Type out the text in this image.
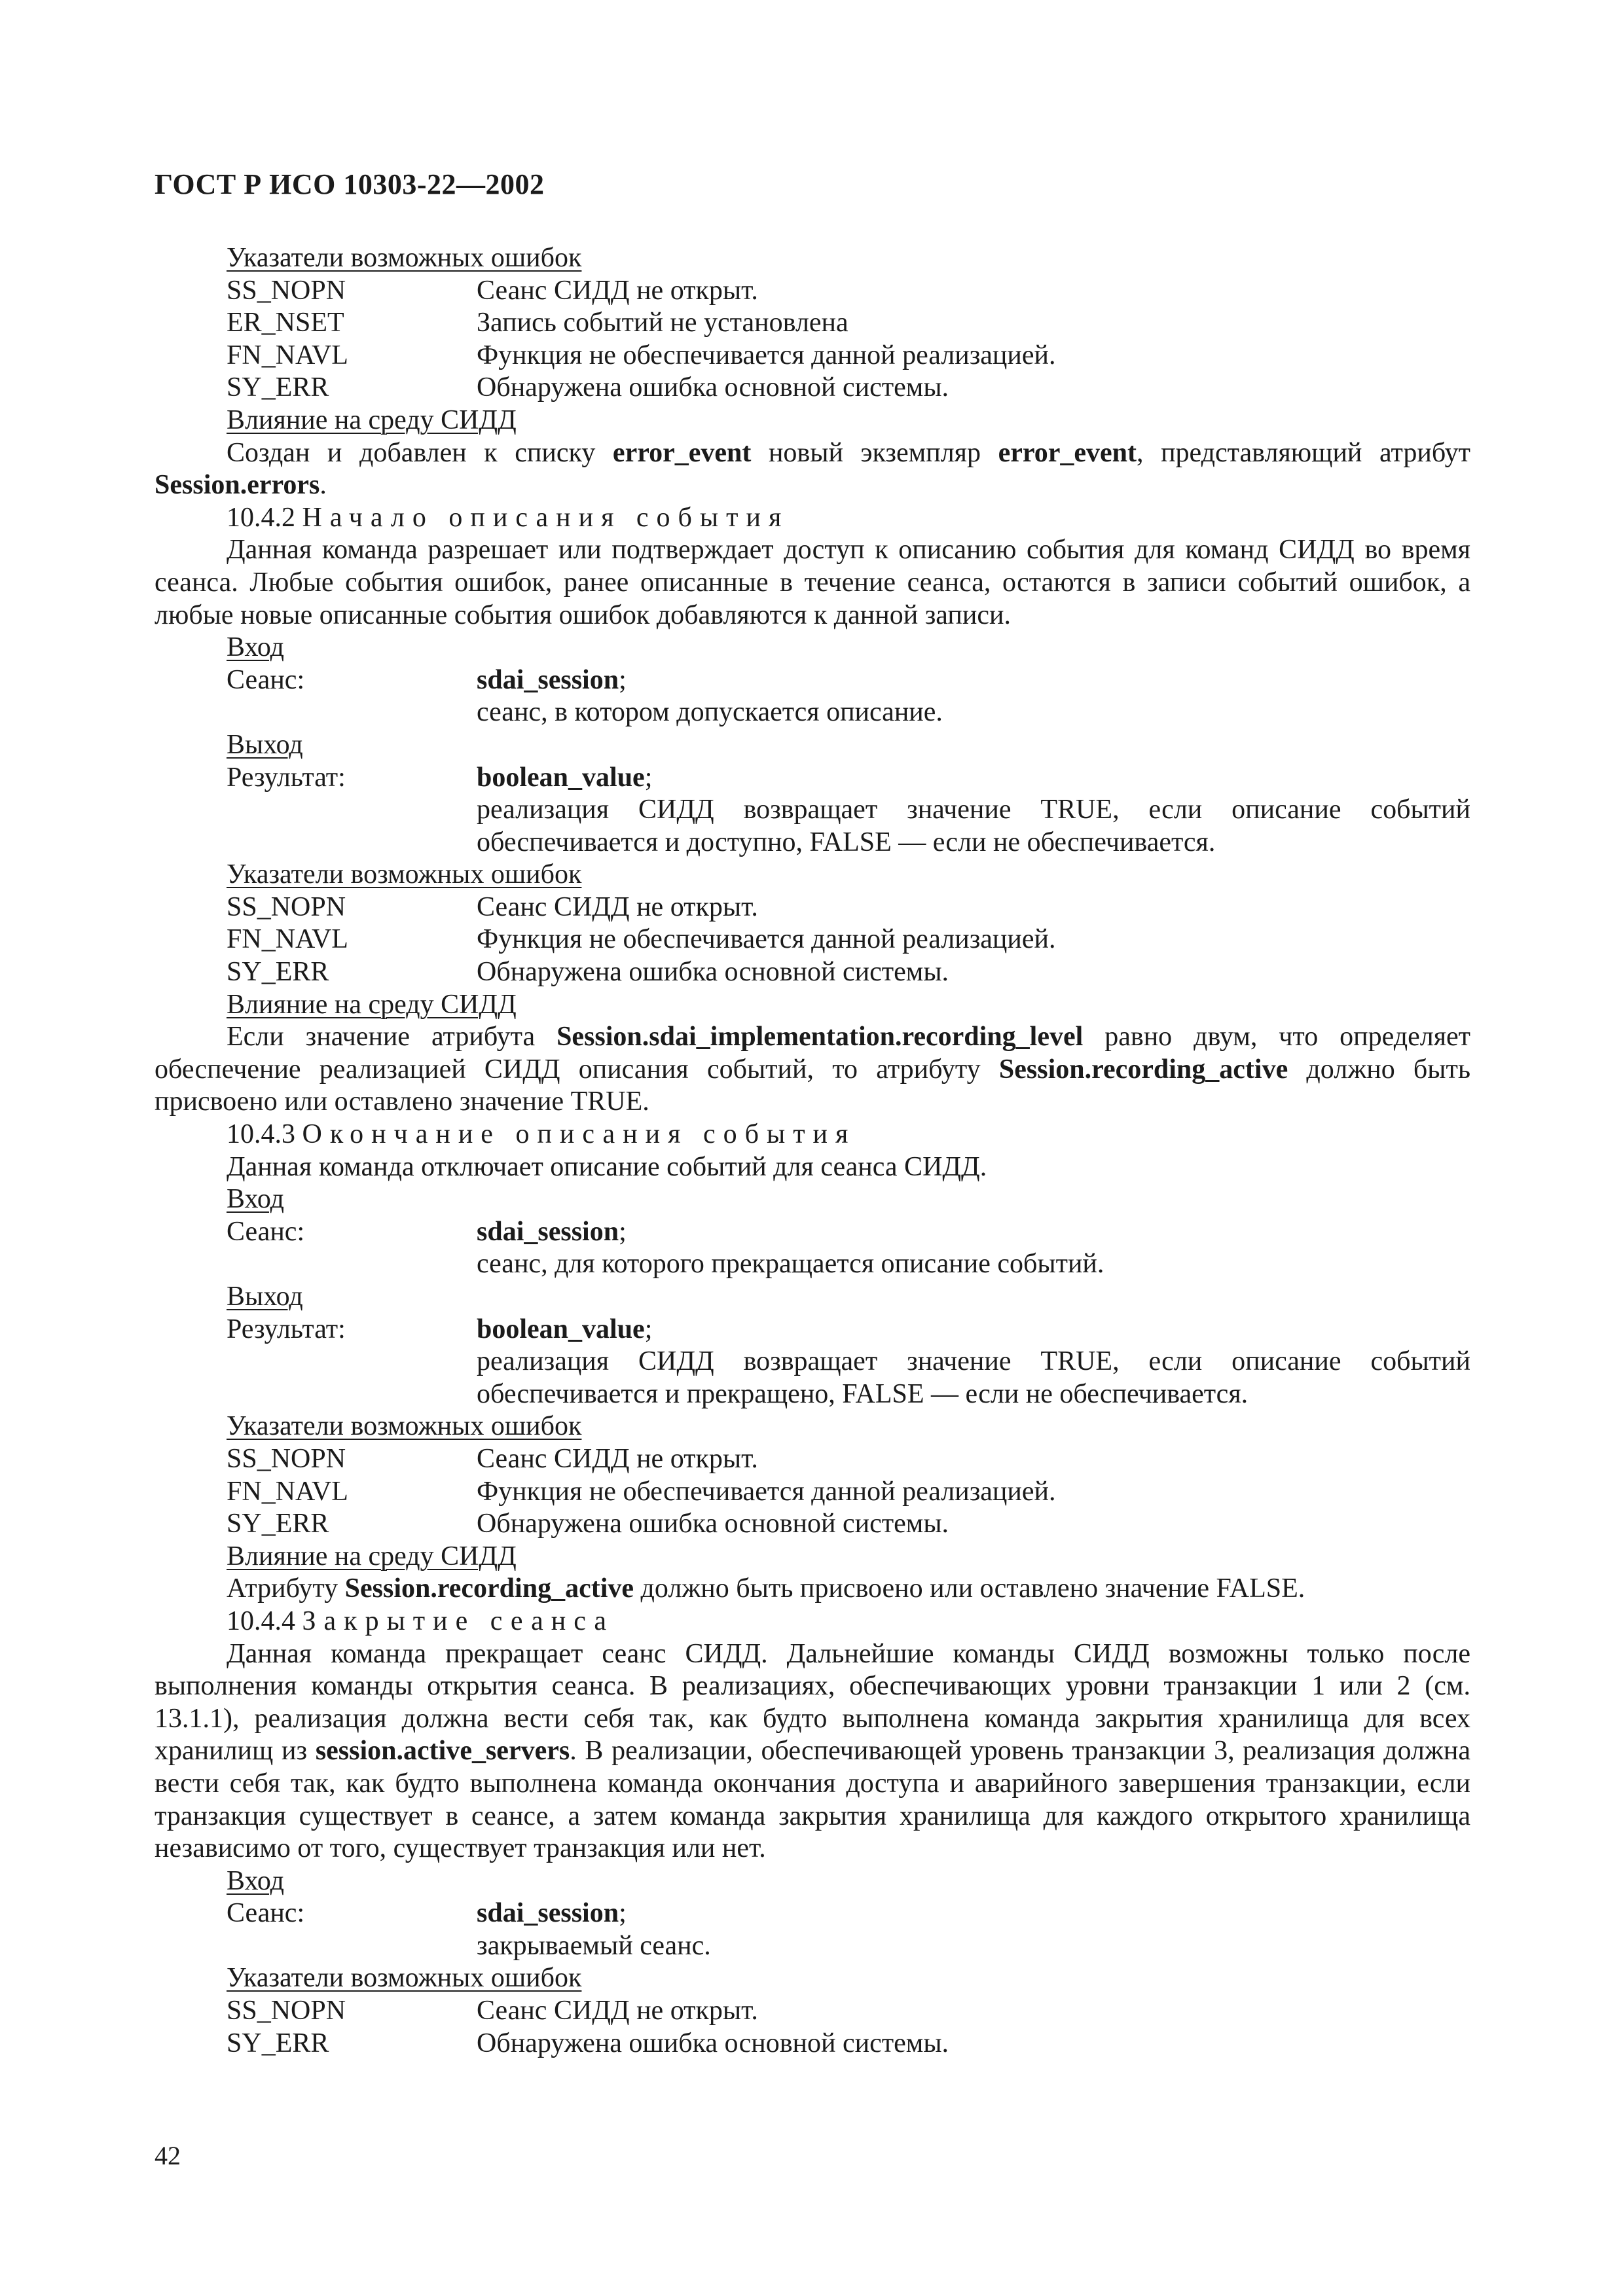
ГОСТ Р ИСО 10303-22—2002
Указатели возможных ошибок
SS_NOPN	Сеанс СИДД не открыт.
ER_NSET	Запись событий не установлена
FN_NAVL	Функция не обеспечивается данной реализацией.
SY_ERR	Обнаружена ошибка основной системы.
Влияние на среду СИДД
Создан и добавлен к списку error_event новый экземпляр error_event, представляющий атрибут Session.errors.
10.4.2 Начало описания события
Данная команда разрешает или подтверждает доступ к описанию события для команд СИДД во время сеанса. Любые события ошибок, ранее описанные в течение сеанса, остаются в записи событий ошибок, а любые новые описанные события ошибок добавляются к данной записи.
Вход
Сеанс:	sdai_session;
сеанс, в котором допускается описание.
Выход
Результат:	boolean_value;
реализация СИДД возвращает значение TRUE, если описание событий обеспечивается и доступно, FALSE — если не обеспечивается.
Указатели возможных ошибок
SS_NOPN	Сеанс СИДД не открыт.
FN_NAVL	Функция не обеспечивается данной реализацией.
SY_ERR	Обнаружена ошибка основной системы.
Влияние на среду СИДД
Если значение атрибута Session.sdai_implementation.recording_level равно двум, что определяет обеспечение реализацией СИДД описания событий, то атрибуту Session.recording_active должно быть присвоено или оставлено значение TRUE.
10.4.3 Окончание описания события
Данная команда отключает описание событий для сеанса СИДД.
Вход
Сеанс:	sdai_session;
сеанс, для которого прекращается описание событий.
Выход
Результат:	boolean_value;
реализация СИДД возвращает значение TRUE, если описание событий обеспечивается и прекращено, FALSE — если не обеспечивается.
Указатели возможных ошибок
SS_NOPN	Сеанс СИДД не открыт.
FN_NAVL	Функция не обеспечивается данной реализацией.
SY_ERR	Обнаружена ошибка основной системы.
Влияние на среду СИДД
Атрибуту Session.recording_active должно быть присвоено или оставлено значение FALSE.
10.4.4 Закрытие сеанса
Данная команда прекращает сеанс СИДД. Дальнейшие команды СИДД возможны только после выполнения команды открытия сеанса. В реализациях, обеспечивающих уровни транзакции 1 или 2 (см. 13.1.1), реализация должна вести себя так, как будто выполнена команда закрытия хранилища для всех хранилищ из session.active_servers. В реализации, обеспечивающей уровень транзакции 3, реализация должна вести себя так, как будто выполнена команда окончания доступа и аварийного завершения транзакции, если транзакция существует в сеансе, а затем команда закрытия хранилища для каждого открытого хранилища независимо от того, существует транзакция или нет.
Вход
Сеанс:	sdai_session;
закрываемый сеанс.
Указатели возможных ошибок
SS_NOPN	Сеанс СИДД не открыт.
SY_ERR	Обнаружена ошибка основной системы.
42
